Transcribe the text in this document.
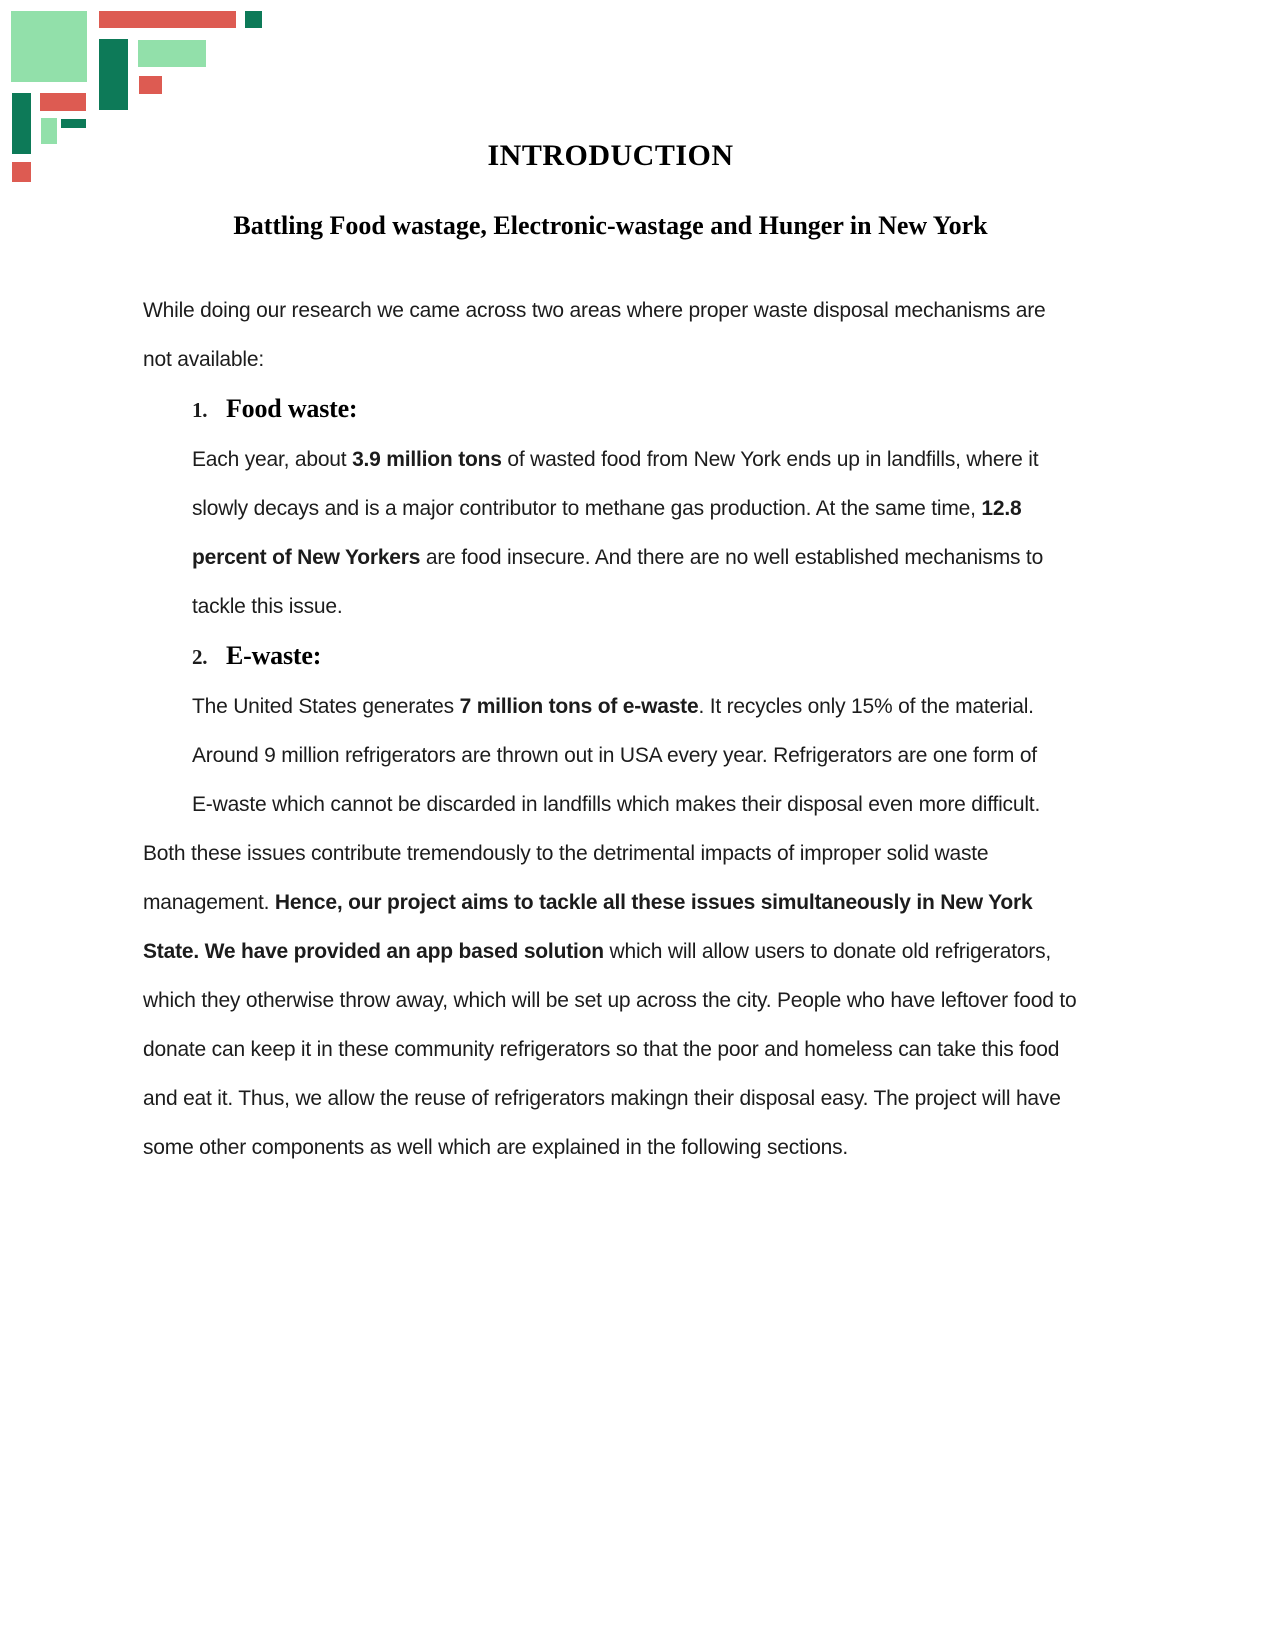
INTRODUCTION
Battling Food wastage, Electronic-wastage and Hunger in New York

While doing our research we came across two areas where proper waste disposal mechanisms are not available:

1. Food waste:

Each year, about 3.9 million tons of wasted food from New York ends up in landfills, where it slowly decays and is a major contributor to methane gas production. At the same time, 12.8 percent of New Yorkers are food insecure. And there are no well established mechanisms to tackle this issue.

2. E-waste:

The United States generates 7 million tons of e-waste. It recycles only 15% of the material. Around 9 million refrigerators are thrown out in USA every year. Refrigerators are one form of E-waste which cannot be discarded in landfills which makes their disposal even more difficult.

Both these issues contribute tremendously to the detrimental impacts of improper solid waste management. Hence, our project aims to tackle all these issues simultaneously in New York State. We have provided an app based solution which will allow users to donate old refrigerators, which they otherwise throw away, which will be set up across the city. People who have leftover food to donate can keep it in these community refrigerators so that the poor and homeless can take this food and eat it. Thus, we allow the reuse of refrigerators makingn their disposal easy. The project will have some other components as well which are explained in the following sections.
